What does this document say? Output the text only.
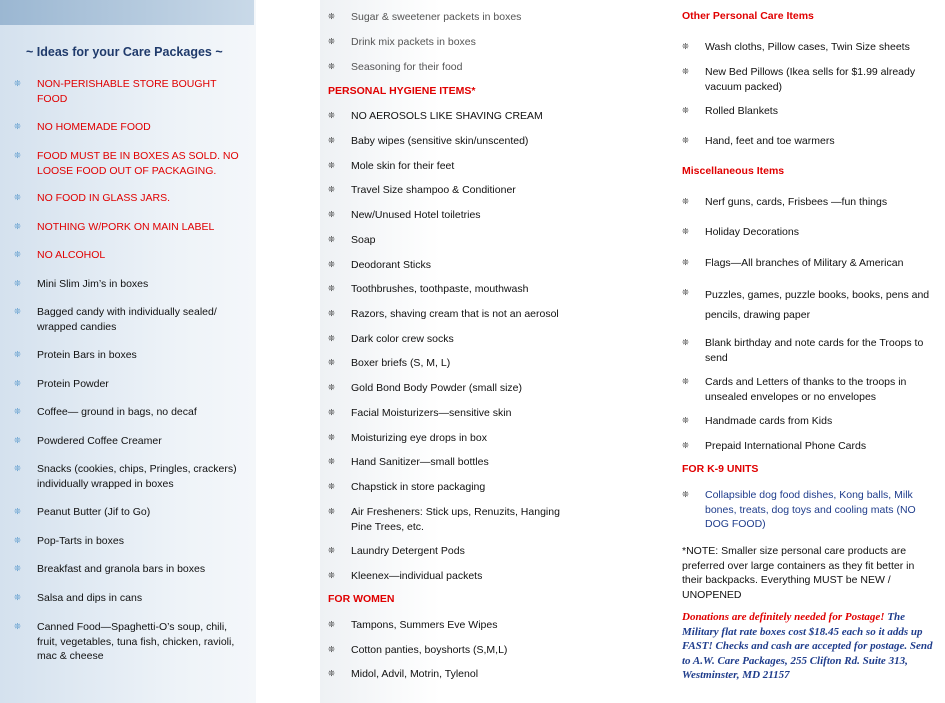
~ Ideas for your Care Packages ~
❊	NON-PERISHABLE STORE BOUGHT FOOD
❊	NO HOMEMADE FOOD
❊	FOOD MUST BE IN BOXES AS SOLD. NO LOOSE FOOD OUT OF PACKAGING.
❊	NO FOOD IN GLASS JARS.
❊	NOTHING W/PORK ON MAIN LABEL
❊	NO ALCOHOL
❊	Mini Slim Jim’s in boxes
❊	Bagged candy with individually sealed/ wrapped candies
❊	Protein Bars in boxes
❊	Protein Powder
❊	Coffee— ground in bags, no decaf
❊	Powdered Coffee Creamer
❊	Snacks (cookies, chips, Pringles, crackers) individually wrapped in boxes
❊	Peanut Butter (Jif to Go)
❊	Pop-Tarts in boxes
❊	Breakfast and granola bars in boxes
❊	Salsa and dips in cans
❊	Canned Food—Spaghetti-O’s soup, chili, fruit, vegetables, tuna fish, chicken, ravioli, mac & cheese
❊	Sugar & sweetener packets in boxes
❊	Drink mix packets in boxes
❊	Seasoning for their food
PERSONAL HYGIENE ITEMS*
❊	NO AEROSOLS LIKE SHAVING CREAM
❊	Baby wipes (sensitive skin/unscented)
❊	Mole skin for their feet
❊	Travel Size shampoo & Conditioner
❊	New/Unused Hotel toiletries
❊	Soap
❊	Deodorant Sticks
❊	Toothbrushes, toothpaste, mouthwash
❊	Razors, shaving cream that is not an aerosol
❊	Dark color crew socks
❊	Boxer briefs (S, M, L)
❊	Gold Bond Body Powder (small size)
❊	Facial Moisturizers—sensitive skin
❊	Moisturizing eye drops in box
❊	Hand Sanitizer—small bottles
❊	Chapstick in store packaging
❊	Air Fresheners: Stick ups, Renuzits, Hanging Pine Trees, etc.
❊	Laundry Detergent Pods
❊	Kleenex—individual packets
FOR WOMEN
❊	Tampons, Summers Eve Wipes
❊	Cotton panties, boyshorts (S,M,L)
❊	Midol, Advil, Motrin, Tylenol
Other Personal Care Items
❊	Wash cloths, Pillow cases, Twin Size sheets
❊	New Bed Pillows (Ikea sells for $1.99 already vacuum packed)
❊	Rolled Blankets
❊	Hand, feet and toe warmers
Miscellaneous Items
❊	Nerf guns, cards, Frisbees —fun things
❊	Holiday Decorations
❊	Flags—All branches of Military & American
❊	Puzzles, games, puzzle books, books, pens and pencils, drawing paper
❊	Blank birthday and note cards for the Troops to send
❊	Cards and Letters of thanks to the troops in unsealed envelopes or no envelopes
❊	Handmade cards from Kids
❊	Prepaid International Phone Cards
FOR K-9 UNITS
❊	Collapsible dog food dishes, Kong balls, Milk bones, treats, dog toys and cooling mats (NO DOG FOOD)

*NOTE: Smaller size personal care products are preferred over large containers as they fit better in their backpacks. Everything MUST be NEW / UNOPENED

Donations are definitely needed for Postage! The Military flat rate boxes cost $18.45 each so it adds up FAST! Checks and cash are accepted for postage. Send to A.W. Care Packages, 255 Clifton Rd. Suite 313, Westminster, MD 21157
